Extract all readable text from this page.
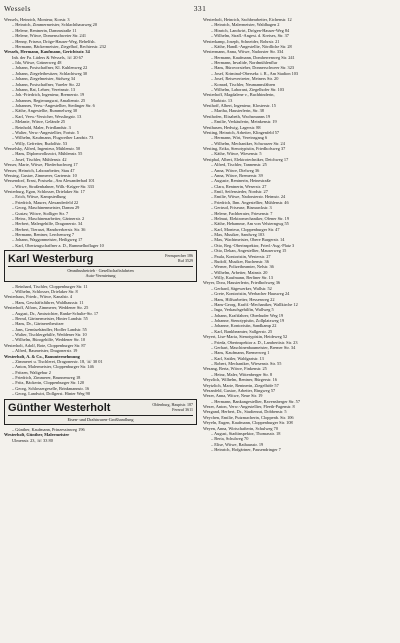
Wessels	331
Wessels, Heinrich, Monteur, Korstr. 3
– Heinrich, Zimmermeister, Schlachthausweg 20
– Helene, Rentnerin, Dammstraße 11
– Helene, Witwe, Domenschweier Str. 241
– Henny, Friseur, Dröge-Hauser-Weg, Behelfsh.
– Hermann, Bäckermeister, Ziegelhof, Rechterstr. 232
Wessels, Hermann, Kaufmann, Gerichtsstr. 34
Inh. der Fa. Lüders & Wessels, ☏ 20 67
– Ida, Witwe, Grünerweg 48
– Johann, Postschaffner, Kl. Kuhlenweg 22
– Johann, Ziegeleibesitzer, Schlachtweg 30
– Johann, Ziegelmeister, Südweg 34
– Johann, Postschaffner, Vareler Str. 22
– Johann, Rat, Lehrer, Vereinsstr. 13
– Joh.-Friedrich, Ingenieur, Bremerstr. 19
– Johannes, Regierungsrat, Amalienstr. 25
– Johannes, Verw.-Angestellter, Stedinger Str. 6
– Käthe, Angestellte, Rummelweg 30
– Karl, Verw.-Versicher, Wesslingstr. 13
– Melanie, Witwe, Gelände 25
– Reinhold, Maler, Friedlandstr. 3
– Walter, Verw.-Angestellter, Fortstr. 5
– Wilhelm, Kaufmann, Flugweiher Landstr. 73
– Willy, Gefreiter, Rudolfstr. 53
Wesselsky, Alfred, Ingenieur, Mühlenstr. 50
– Hans, Diplomvolkswirt, Mühlenstr. 55
– Josef, Tischler, Mühlenstr. 42
Wesser, Marie, Witwe, Fliederbachweg 17
Wesser, Heinrich, Laborarbeiter, Stau 47
Wessing, Gustav, Zimmerer, Gartenstr. 10
Wessendorf, Ernst, Postsekr., Am Alexanderbad 101
– Witwe, Straßenbahner, Wilh.-Krüger-Str. 333
Westerburg, Egon, Schlosser, Drielaker Str. 17
– Erich, Witwe, Kampsiedlung
– Friedrich, Maurer, Alexanderfeld 22
– Georg, Maschinenmeister, Damm 29
– Gustav, Witwe, Stolliger Str. 7
– Heinr., Maschinenarbeiter, Gärtnerstr. 2
– Herbert, Malergehilfe, Dragonerstr. 34
– Herbert, Tierarzt, Handwerkerstr. Str. 36
– Hermann, Rentner, Lerchenweg 7
– Johann, Waggonmeister, Heiligweg 17
– Karl, Obertzugschaffner a. D., Rummelhoflager 10
Karl Westerburg	Fernsprecher 186
Ruf 3529
Omnibusbetrieb · Gesellschaftsfahrten
Auto-Vermietung
– Reinhard, Tischler, Cloppenburger Str. 11
– Wilhelm, Schlosser, Drielaker Str. 8
Westerhaus, Friedr., Witwe, Kanalstr. 4
– Hans, Geschäftsführer, Waldhausstr. 11
Westerhoff, Alfons, Zimmerer, Weddener Str. 25
– August, Dr., Amtsrichter, Ranke-Schulte-Str. 17
– Bernd, Gärtnermeister, Hinter Landstr. 55
– Hans, Dr., Gärtnereibesitzer
– Jans, Gemüsehändler, Hodler Landstr. 55
– Walter, Tischlergehilfe, Weddener Str. 10
– Wilhelm, Bürogehilfe, Weddener Str. 10
Westerholt, Adolf, Bote, Cloppenburger Str. 87
– Alfred, Baumeister, Dragonerstr. 19
Westerholt, A. & Co., Bauunternehmung
– Zimmerei u. Tischlerei, Dragonerstr. 18, ☏ 30 01
– Anton, Malermeister, Cloppenburger Str. 146
– Fritzen, Waltgebur 2
– Friedrich, Zimmerer, Brunnenweg 18
– Fritz, Bäckerin, Cloppenburger Str. 120
– Georg, Schlossergeselle, Brinkmannstr. 16
– Georg, Landwirt, Dollgerst. Hinter Weg 90
Günther Westerholt	Oldenburg, Hauptstr. 187
Fernruf 3611
Eisen- und Drahtwaren-Großhandlung
– Günther, Kaufmann, Prinzessinweg 196
Westerholt, Günther, Malermeister
Ulmenstr. 23, ☏ 33 80
Westerholt, Heinrich, Sachbearbeiter, Eichenstr. 12
– Heinrich, Malermeister, Waldhagen 2
– Hinrich, Landwirt, Drögen-Hauser-Weg 84
– Wilhelm, Strafl.-Angest. d. Kreises, Str. 37
Westerkamp, Joseph, Schneider, Rohrstr. 21
– Käthe, Handl.-Angestellte, Nördliche Str. 28
Westermann, Anna, Witwe, Nadorster Str. 334
– Hermann, Kaufmann, Domherrenweg Str. 241
– Hermann, Invalide, Nordmühlenflur
– Hans, Bürovorsteher, Donnerschweer Str. 323
– Josef, Kriminal-Obersekr. i. R., Am Stadion 103
– Josef, Reisevertreter, Meiners Str. 20
– Konrad, Tischler, Neumannsfähren
– Wilhelm, Laborant, Ziegelhofer Str. 103
Westerhoff, Magdalene v., Buchbinderin,
Marktstr. 13
Westhoff, Albert, Ingenieur, Klosterstr. 15
– Martha, Hausierlerin, Str. 38
Westhofen, Elisabeth, Wachsmanns 19
– Emilie, Verkäuferin, Meinkenstr. 19
Westhusen, Hedwig, Lagerstr. 88
Westing, Heinrich, Arbeiter, Klingenfeld 57
– Hermann, Wirt, Vereinsgang 6
– Wilhelm, Mechaniker, Schwarzer Str. 24
Westing, Erika, Stenotypistin, Friedhofsweg 37
– Käthe, Witwe, Wiesenstr. 5
Westphal, Albert, Elektrotechniker, Deichweg 17
– Alfred, Tischler, Tannenstr. 25
– Anna, Witwe, Dielweg 36
– Anna, Witwe, Bremerstr. 39
– Auguste, Rentnerin, Heinestraße
– Clara, Rentnerin, Weserstr. 27
– Emil, Seifensieder, Nordstr. 27
– Emilie, Witwe, Nadorsterstr. Heimstr. 24
– Friedrich, Ihm. Angestellter, Mühlenstr. 46
– Gertrud, Friseuse, Bismarckstr. 3
– Helene, Fachberater, Friesenstr. 7
– Helmut, Elektromechaniker, Ofener Str. 19
– Käthe, Hebamme, Am von Velsterngwg 55
– Karl, Monteur, Cloppenburger Str. 47
– Max, Musiker, Sandweg 103
– Max, Wachtmeister, Obere Burgerstr. 14
– Otto, Reg.-Oberinspektor, Fried.-Aug.-Platz 3
– Otto, Dekan, Angestellter, Mauserweg 15
– Paula, Kontoristin, Westerstr. 27
– Rudolf, Musiker, Buchenstr. 36
– Werner, Polizeibeamter, Nelstr. 36
– Wilhelm, Arbeiter, Mainstr. 20
– Willy, Kaufmann, Berliner Str. 13
Weyer, Dora, Hausierlerin, Friedhofsweg 36
– Gerhard, Sägewerker, Wallstr. 52
– Grete, Kontoristin, Werbacher Hausweg 24
– Hans, Hilfsarbeiter, Hessenweg 22
– Hans-Georg, Kraftf.-Mechaniker, Wallkirche 12
– Inga, Verkaufsgehilfin, Wallweg 5
– Johann, Kraftfahrer, Oberhuder Weg 19
– Johanne, Stenotypistin, Zollplatzweg 19
– Johanne, Kontoristin, Sandkamp 22
– Karl, Bankbeamter, Sallgerstr. 25
Weyert, Lise-Maria, Stenotypistin, Heideweg 52
– Frieda, Oberinspektor a. D., Lambertistr. Str. 23
– Gerhart, Maschinenbaumeister, Bremer Str. 34
– Hans, Kaufmann, Bremerweg 1
– Karl, Sattler, Waldgartstr. 13
– Robert, Mechaniker, Wiesenstr. Str. 55
Wezang, Berta, Witwe, Finkenstr. 25
– Heinz, Maler, Wittenberger Str. 8
Weyzlich, Wilhelm, Rentner, Bürgerstr. 16
Weytzlich, Marie, Rentnerin, Ziegelhöfe 57
Wezanfeld, Gustav, Arbeiter, Ringweg 57
Wezer, Anna, Witwe, Neue Str. 19
– Hermann, Bankangestellter, Ravensberger Str. 57
Wezer, Anton, Verw.-Angestellter, Fleeth-Pagenstr. 8
Wezgand, Herbert, Dr., Studienrat, Dobbenstr. 5
Weychen, Emilie, Putzmacherin, Cloppenb. Str. 106
Weyeln, Eugen, Kaufmann, Cloppenburger Str. 108
Weyen, Anna, Wirtschafterin, Schulweg 70
– August, Stadtinspektor, Thomasstr. 18
– Berta, Schulweg 70
– Elise, Witwe, Rathausstr. 19
– Heinrich, Hofgärtner, Pausendringer 7
